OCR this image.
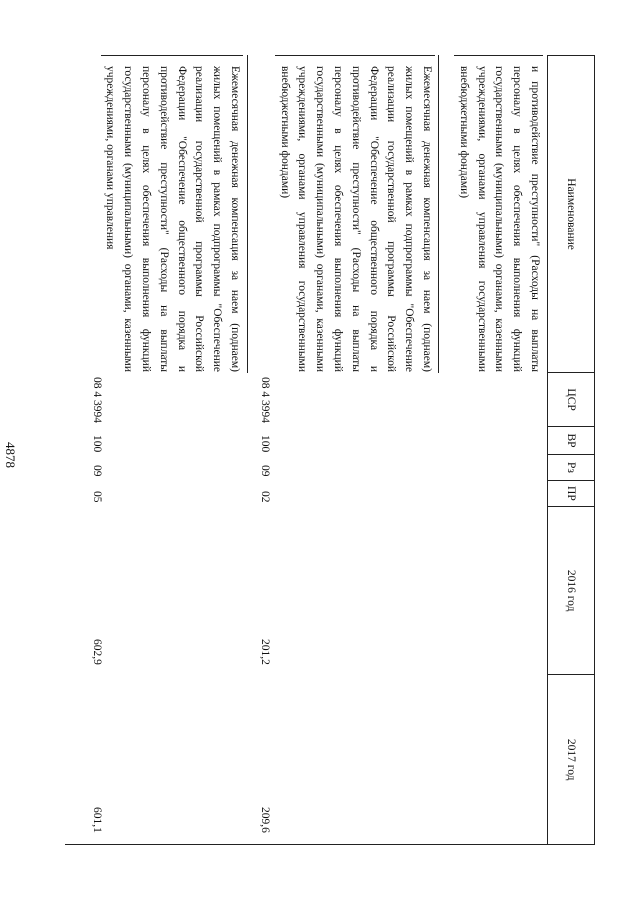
4878
Наименование
ЦСР
ВР
Рз
ПР
2016 год
2017 год
и противодействие преступности" (Расходы на выплаты персоналу в целях обеспечения выполнения функций государственными (муниципальными) органами, казенными учреждениями, органами управления государственными внебюджетными фондами)
Ежемесячная денежная компенсация за наем (поднаем) жилых помещений в рамках подпрограммы "Обеспечение реализации государственной программы Российской Федерации "Обеспечение общественного порядка и противодействие преступности" (Расходы на выплаты персоналу в целях обеспечения выполнения функций государственными (муниципальными) органами, казенными учреждениями, органами управления государственными внебюджетными фондами)
08 4 3994
100
09
02
201,2
209,6
Ежемесячная денежная компенсация за наем (поднаем) жилых помещений в рамках подпрограммы "Обеспечение реализации государственной программы Российской Федерации "Обеспечение общественного порядка и противодействие преступности" (Расходы на выплаты персоналу в целях обеспечения выполнения функций государственными (муниципальными) органами, казенными учреждениями, органами управления
08 4 3994
100
09
05
602,9
601,1
